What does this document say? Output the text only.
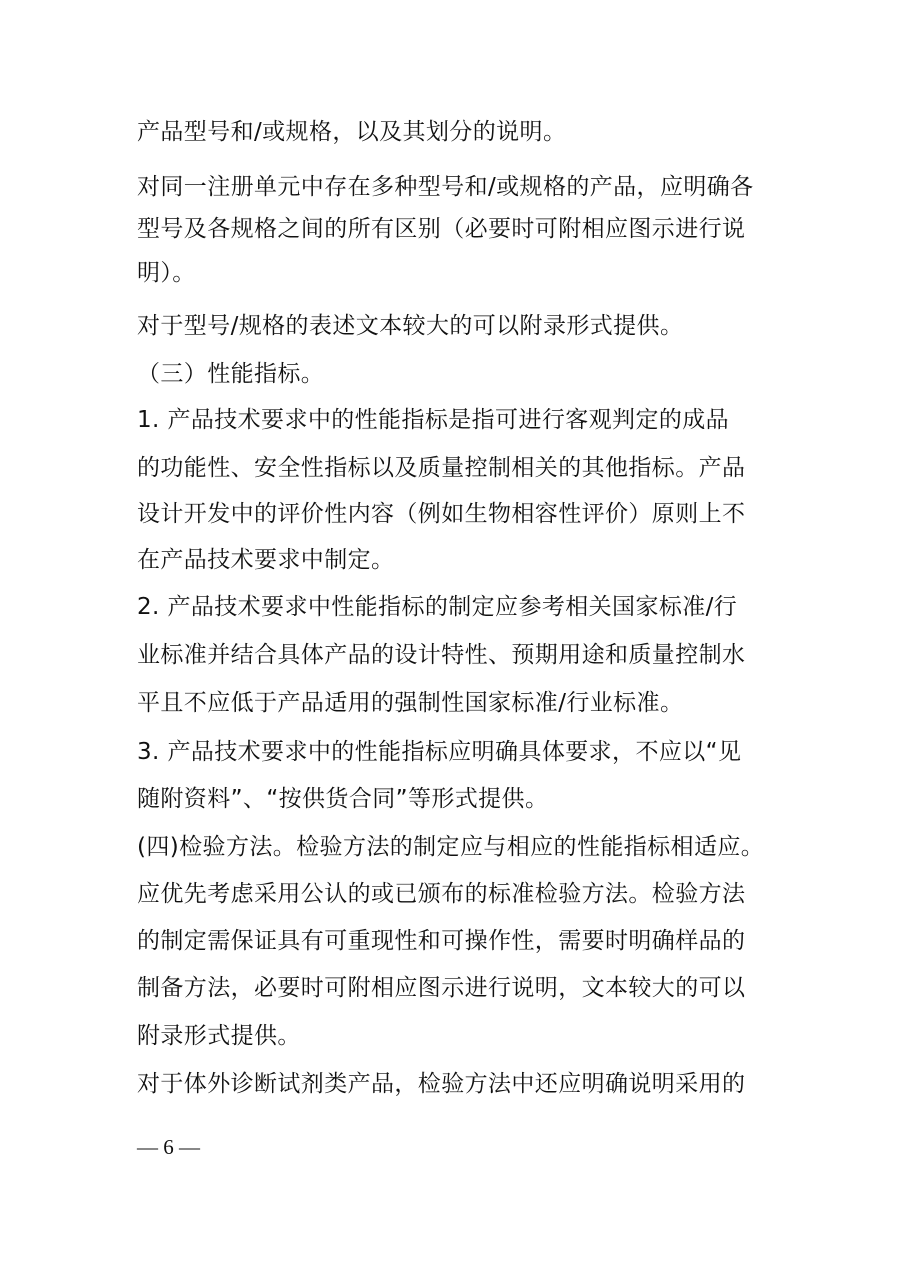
产品型号和/或规格，以及其划分的说明。
对同一注册单元中存在多种型号和/或规格的产品，应明确各
型号及各规格之间的所有区别（必要时可附相应图示进行说
明）。
对于型号/规格的表述文本较大的可以附录形式提供。
（三）性能指标。
1. 产品技术要求中的性能指标是指可进行客观判定的成品
的功能性、安全性指标以及质量控制相关的其他指标。产品
设计开发中的评价性内容（例如生物相容性评价）原则上不
在产品技术要求中制定。
2. 产品技术要求中性能指标的制定应参考相关国家标准/行
业标准并结合具体产品的设计特性、预期用途和质量控制水
平且不应低于产品适用的强制性国家标准/行业标准。
3. 产品技术要求中的性能指标应明确具体要求，不应以“见
随附资料”、“按供货合同”等形式提供。
(四)检验方法。检验方法的制定应与相应的性能指标相适应。
应优先考虑采用公认的或已颁布的标准检验方法。检验方法
的制定需保证具有可重现性和可操作性，需要时明确样品的
制备方法，必要时可附相应图示进行说明，文本较大的可以
附录形式提供。
对于体外诊断试剂类产品，检验方法中还应明确说明采用的
— 6 —
